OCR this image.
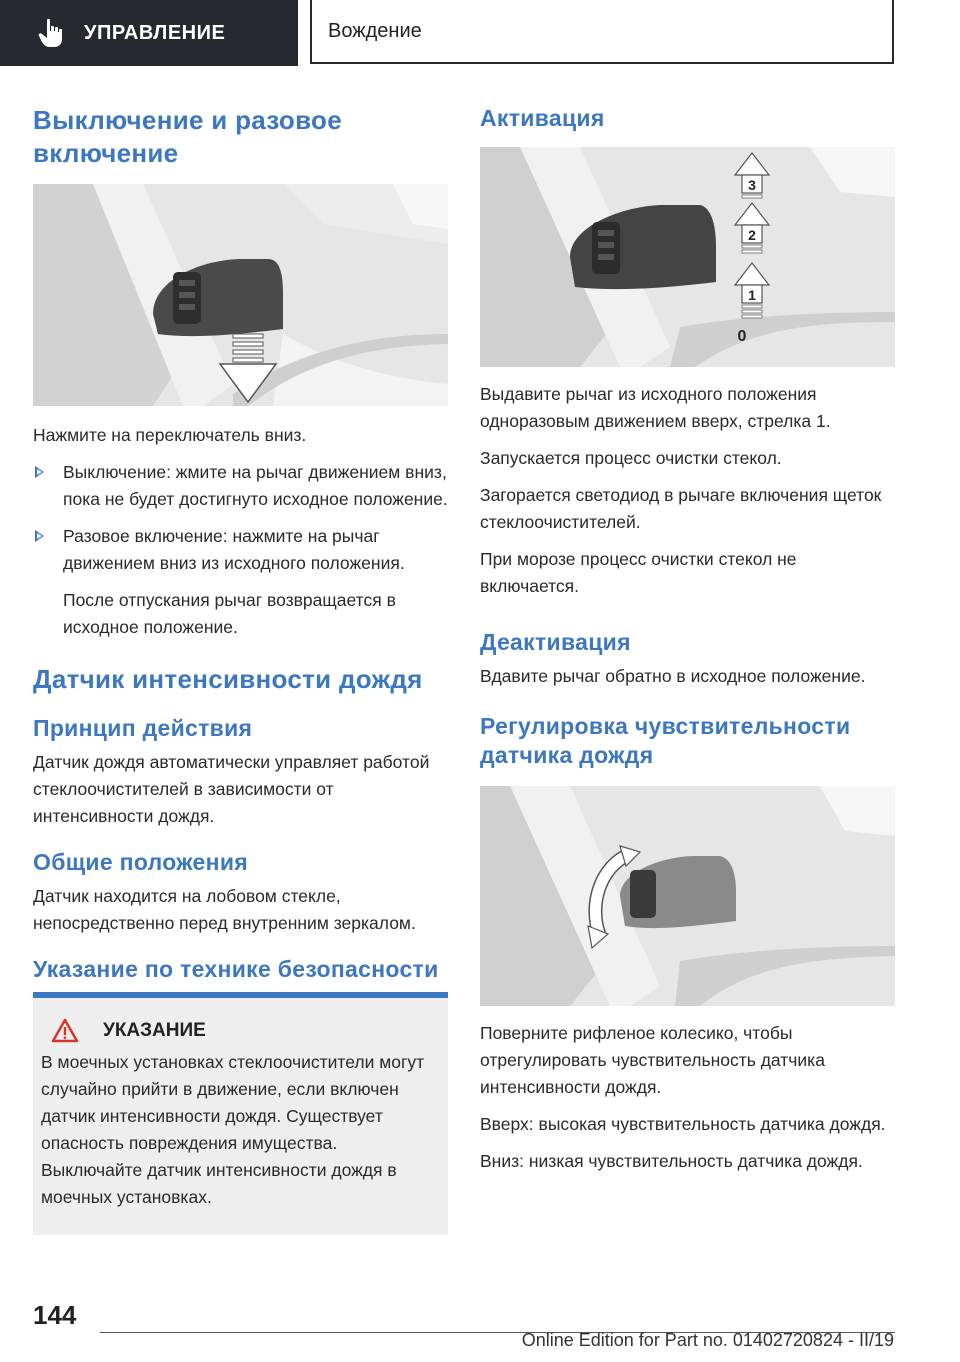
УПРАВЛЕНИЕ	Вождение
Выключение и разовое включение

Нажмите на переключатель вниз.

Выключение: жмите на рычаг движением вниз, пока не будет достигнуто исходное положение.

Разовое включение: нажмите на рычаг движением вниз из исходного положения.

После отпускания рычаг возвращается в исходное положение.

Датчик интенсивности дождя
Принцип действия

Датчик дождя автоматически управляет работой стеклоочистителей в зависимости от интенсивности дождя.

Общие положения

Датчик находится на лобовом стекле, непосредственно перед внутренним зеркалом.

Указание по технике безопасности
УКАЗАНИЕ

В моечных установках стеклоочистители могут случайно прийти в движение, если включен датчик интенсивности дождя. Существует опасность повреждения имущества. Выключайте датчик интенсивности дождя в моечных установках.

Активация
3
2
1
0

Выдавите рычаг из исходного положения одноразовым движением вверх, стрелка 1.

Запускается процесс очистки стекол.

Загорается светодиод в рычаге включения щеток стеклоочистителей.

При морозе процесс очистки стекол не включается.

Деактивация

Вдавите рычаг обратно в исходное положение.

Регулировка чувствительности датчика дождя

Поверните рифленое колесико, чтобы отрегулировать чувствительность датчика интенсивности дождя.

Вверх: высокая чувствительность датчика дождя.

Вниз: низкая чувствительность датчика дождя.

144
Online Edition for Part no. 01402720824 - II/19
